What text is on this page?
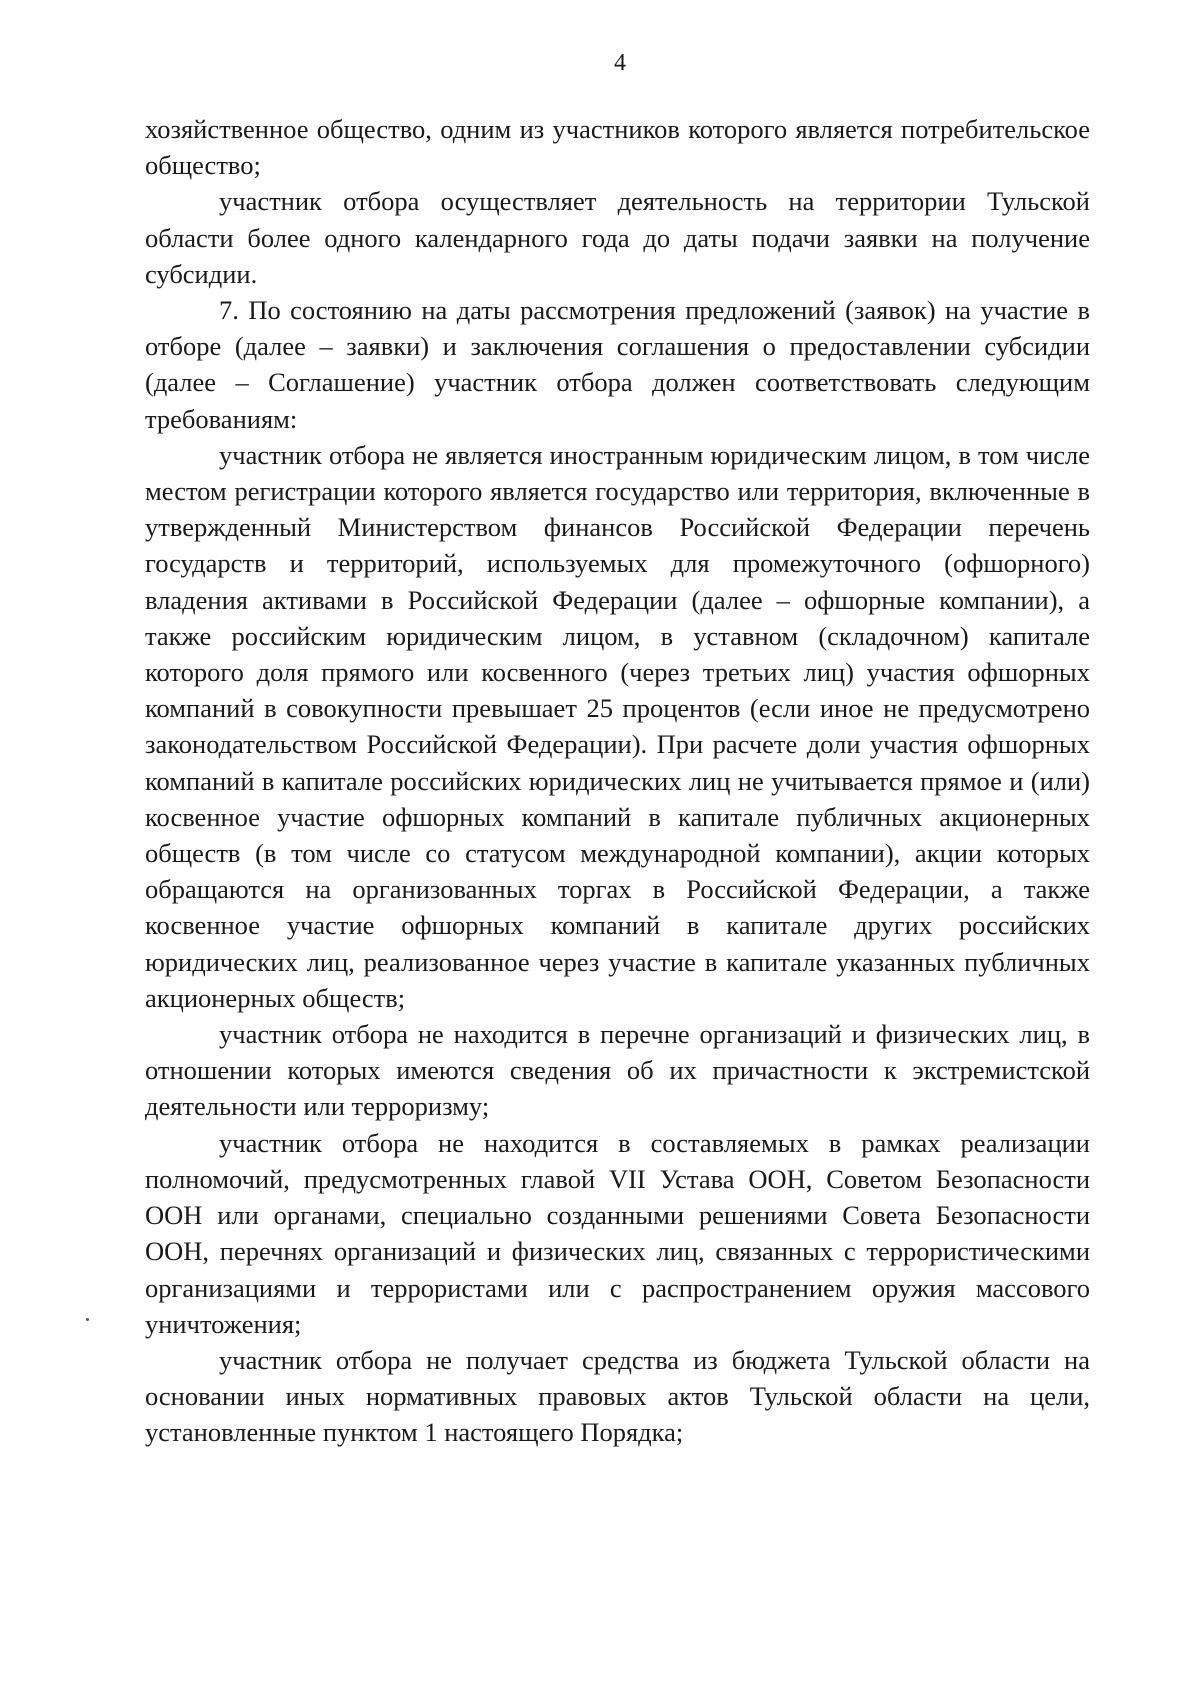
4

хозяйственное общество, одним из участников которого является потребительское общество;

участник отбора осуществляет деятельность на территории Тульской области более одного календарного года до даты подачи заявки на получение субсидии.

7. По состоянию на даты рассмотрения предложений (заявок) на участие в отборе (далее – заявки) и заключения соглашения о предоставлении субсидии (далее – Соглашение) участник отбора должен соответствовать следующим требованиям:

участник отбора не является иностранным юридическим лицом, в том числе местом регистрации которого является государство или территория, включенные в утвержденный Министерством финансов Российской Федерации перечень государств и территорий, используемых для промежуточного (офшорного) владения активами в Российской Федерации (далее – офшорные компании), а также российским юридическим лицом, в уставном (складочном) капитале которого доля прямого или косвенного (через третьих лиц) участия офшорных компаний в совокупности превышает 25 процентов (если иное не предусмотрено законодательством Российской Федерации). При расчете доли участия офшорных компаний в капитале российских юридических лиц не учитывается прямое и (или) косвенное участие офшорных компаний в капитале публичных акционерных обществ (в том числе со статусом международной компании), акции которых обращаются на организованных торгах в Российской Федерации, а также косвенное участие офшорных компаний в капитале других российских юридических лиц, реализованное через участие в капитале указанных публичных акционерных обществ;

участник отбора не находится в перечне организаций и физических лиц, в отношении которых имеются сведения об их причастности к экстремистской деятельности или терроризму;

участник отбора не находится в составляемых в рамках реализации полномочий, предусмотренных главой VII Устава ООН, Советом Безопасности ООН или органами, специально созданными решениями Совета Безопасности ООН, перечнях организаций и физических лиц, связанных с террористическими организациями и террористами или с распространением оружия массового уничтожения;

участник отбора не получает средства из бюджета Тульской области на основании иных нормативных правовых актов Тульской области на цели, установленные пунктом 1 настоящего Порядка;
